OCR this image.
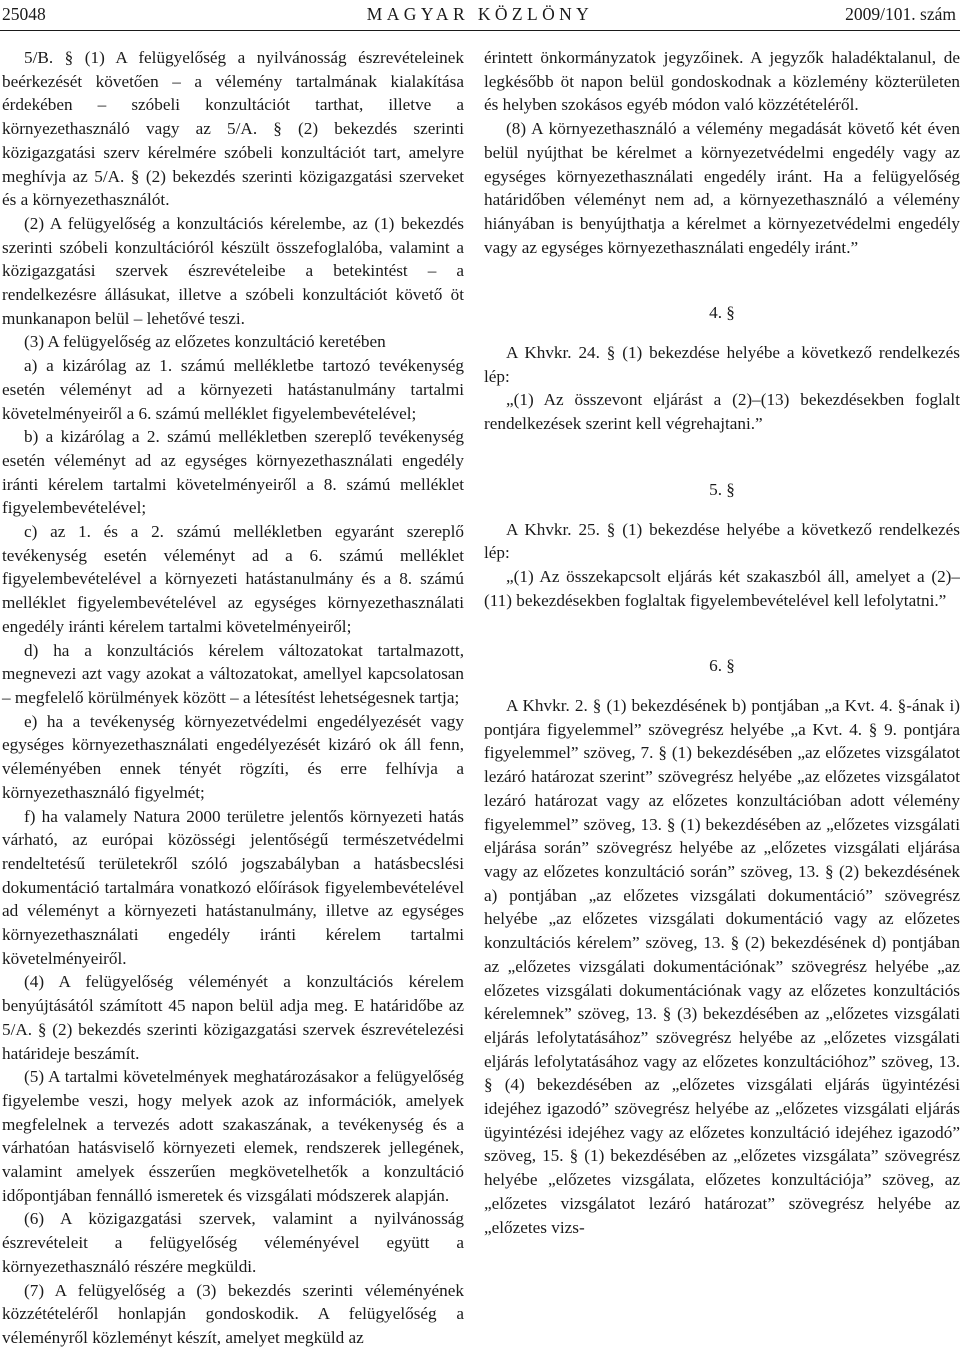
25048	MAGYAR KÖZLÖNY	2009/101. szám

5/B. § (1) A felügyelőség a nyilvánosság észrevételeinek beérkezését követően – a vélemény tartalmának kialakítása érdekében – szóbeli konzultációt tarthat, illetve a környezethasználó vagy az 5/A. § (2) bekezdés szerinti közigazgatási szerv kérelmére szóbeli konzultációt tart, amelyre meghívja az 5/A. § (2) bekezdés szerinti közigazgatási szerveket és a környezethasználót.

(2) A felügyelőség a konzultációs kérelembe, az (1) bekezdés szerinti szóbeli konzultációról készült összefoglalóba, valamint a közigazgatási szervek észrevételeibe a betekintést – a rendelkezésre állásukat, illetve a szóbeli konzultációt követő öt munkanapon belül – lehetővé teszi.

(3) A felügyelőség az előzetes konzultáció keretében

a) a kizárólag az 1. számú mellékletbe tartozó tevékenység esetén véleményt ad a környezeti hatástanulmány tartalmi követelményeiről a 6. számú melléklet figyelembevételével;

b) a kizárólag a 2. számú mellékletben szereplő tevékenység esetén véleményt ad az egységes környezethasználati engedély iránti kérelem tartalmi követelményeiről a 8. számú melléklet figyelembevételével;

c) az 1. és a 2. számú mellékletben egyaránt szereplő tevékenység esetén véleményt ad a 6. számú melléklet figyelembevételével a környezeti hatástanulmány és a 8. számú melléklet figyelembevételével az egységes környezethasználati engedély iránti kérelem tartalmi követelményeiről;

d) ha a konzultációs kérelem változatokat tartalmazott, megnevezi azt vagy azokat a változatokat, amellyel kapcsolatosan – megfelelő körülmények között – a létesítést lehetségesnek tartja;

e) ha a tevékenység környezetvédelmi engedélyezését vagy egységes környezethasználati engedélyezését kizáró ok áll fenn, véleményében ennek tényét rögzíti, és erre felhívja a környezethasználó figyelmét;

f) ha valamely Natura 2000 területre jelentős környezeti hatás várható, az európai közösségi jelentőségű természetvédelmi rendeltetésű területekről szóló jogszabályban a hatásbecslési dokumentáció tartalmára vonatkozó előírások figyelembevételével ad véleményt a környezeti hatástanulmány, illetve az egységes környezethasználati engedély iránti kérelem tartalmi követelményeiről.

(4) A felügyelőség véleményét a konzultációs kérelem benyújtásától számított 45 napon belül adja meg. E határidőbe az 5/A. § (2) bekezdés szerinti közigazgatási szervek észrevételezési határideje beszámít.

(5) A tartalmi követelmények meghatározásakor a felügyelőség figyelembe veszi, hogy melyek azok az információk, amelyek megfelelnek a tervezés adott szakaszának, a tevékenység és a várhatóan hatásviselő környezeti elemek, rendszerek jellegének, valamint amelyek ésszerűen megkövetelhetők a konzultáció időpontjában fennálló ismeretek és vizsgálati módszerek alapján.

(6) A közigazgatási szervek, valamint a nyilvánosság észrevételeit a felügyelőség véleményével együtt a környezethasználó részére megküldi.

(7) A felügyelőség a (3) bekezdés szerinti véleményének közzétételéről honlapján gondoskodik. A felügyelőség a véleményről közleményt készít, amelyet megküld az

érintett önkormányzatok jegyzőinek. A jegyzők haladéktalanul, de legkésőbb öt napon belül gondoskodnak a közlemény közterületen és helyben szokásos egyéb módon való közzétételéről.

(8) A környezethasználó a vélemény megadását követő két éven belül nyújthat be kérelmet a környezetvédelmi engedély vagy az egységes környezethasználati engedély iránt. Ha a felügyelőség határidőben véleményt nem ad, a környezethasználó a vélemény hiányában is benyújthatja a kérelmet a környezetvédelmi engedély vagy az egységes környezethasználati engedély iránt.”

4. §

A Khvkr. 24. § (1) bekezdése helyébe a következő rendelkezés lép:

„(1) Az összevont eljárást a (2)–(13) bekezdésekben foglalt rendelkezések szerint kell végrehajtani.”

5. §

A Khvkr. 25. § (1) bekezdése helyébe a következő rendelkezés lép:

„(1) Az összekapcsolt eljárás két szakaszból áll, amelyet a (2)–(11) bekezdésekben foglaltak figyelembevételével kell lefolytatni.”

6. §

A Khvkr. 2. § (1) bekezdésének b) pontjában „a Kvt. 4. §-ának i) pontjára figyelemmel” szövegrész helyébe „a Kvt. 4. § 9. pontjára figyelemmel” szöveg, 7. § (1) bekezdésében „az előzetes vizsgálatot lezáró határozat szerint” szövegrész helyébe „az előzetes vizsgálatot lezáró határozat vagy az előzetes konzultációban adott vélemény figyelemmel” szöveg, 13. § (1) bekezdésében az „előzetes vizsgálati eljárása során” szövegrész helyébe az „előzetes vizsgálati eljárása vagy az előzetes konzultáció során” szöveg, 13. § (2) bekezdésének a) pontjában „az előzetes vizsgálati dokumentáció” szövegrész helyébe „az előzetes vizsgálati dokumentáció vagy az előzetes konzultációs kérelem” szöveg, 13. § (2) bekezdésének d) pontjában az „előzetes vizsgálati dokumentációnak” szövegrész helyébe „az előzetes vizsgálati dokumentációnak vagy az előzetes konzultációs kérelemnek” szöveg, 13. § (3) bekezdésében az „előzetes vizsgálati eljárás lefolytatásához” szövegrész helyébe az „előzetes vizsgálati eljárás lefolytatásához vagy az előzetes konzultációhoz” szöveg, 13. § (4) bekezdésében az „előzetes vizsgálati eljárás ügyintézési idejéhez igazodó” szövegrész helyébe az „előzetes vizsgálati eljárás ügyintézési idejéhez vagy az előzetes konzultáció idejéhez igazodó” szöveg, 15. § (1) bekezdésében az „előzetes vizsgálata” szövegrész helyébe „előzetes vizsgálata, előzetes konzultációja” szöveg, az „előzetes vizsgálatot lezáró határozat” szövegrész helyébe az „előzetes vizs-
